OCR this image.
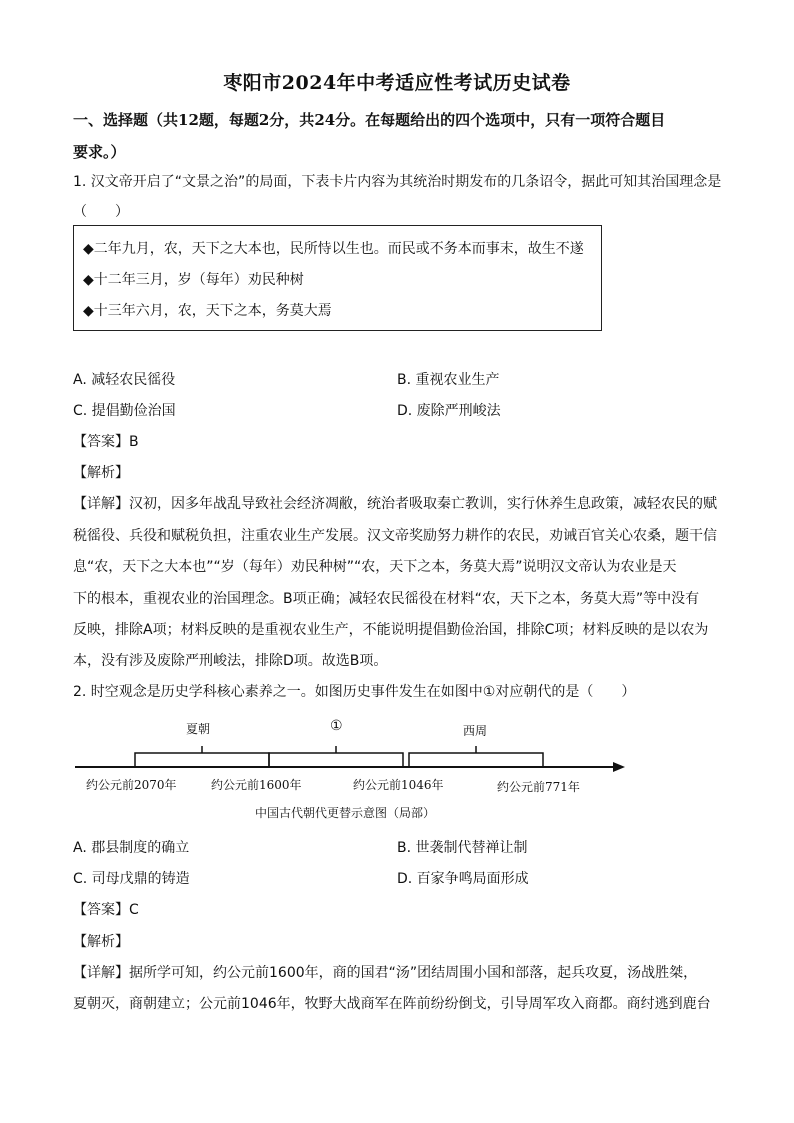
枣阳市2024年中考适应性考试历史试卷
一、选择题（共12题，每题2分，共24分。在每题给出的四个选项中，只有一项符合题目
要求。）
1. 汉文帝开启了“文景之治”的局面，下表卡片内容为其统治时期发布的几条诏令，据此可知其治国理念是
（　　）
◆二年九月，农，天下之大本也，民所恃以生也。而民或不务本而事末，故生不遂
◆十二年三月，岁（每年）劝民种树
◆十三年六月，农，天下之本，务莫大焉
A. 减轻农民徭役	B. 重视农业生产
C. 提倡勤俭治国	D. 废除严刑峻法
【答案】B
【解析】
【详解】汉初，因多年战乱导致社会经济凋敝，统治者吸取秦亡教训，实行休养生息政策，减轻农民的赋
税徭役、兵役和赋税负担，注重农业生产发展。汉文帝奖励努力耕作的农民，劝诫百官关心农桑，题干信
息“农，天下之大本也”“岁（每年）劝民种树”“农，天下之本，务莫大焉”说明汉文帝认为农业是天
下的根本，重视农业的治国理念。B项正确；减轻农民徭役在材料“农，天下之本，务莫大焉”等中没有
反映，排除A项；材料反映的是重视农业生产，不能说明提倡勤俭治国，排除C项；材料反映的是以农为
本，没有涉及废除严刑峻法，排除D项。故选B项。
2. 时空观念是历史学科核心素养之一。如图历史事件发生在如图中①对应朝代的是（　　）
夏朝	①	西周
约公元前2070年	约公元前1600年	约公元前1046年	约公元前771年
中国古代朝代更替示意图（局部）
A. 郡县制度的确立	B. 世袭制代替禅让制
C. 司母戊鼎的铸造	D. 百家争鸣局面形成
【答案】C
【解析】
【详解】据所学可知，约公元前1600年，商的国君“汤”团结周围小国和部落，起兵攻夏，汤战胜桀，
夏朝灭，商朝建立；公元前1046年，牧野大战商军在阵前纷纷倒戈，引导周军攻入商都。商纣逃到鹿台
